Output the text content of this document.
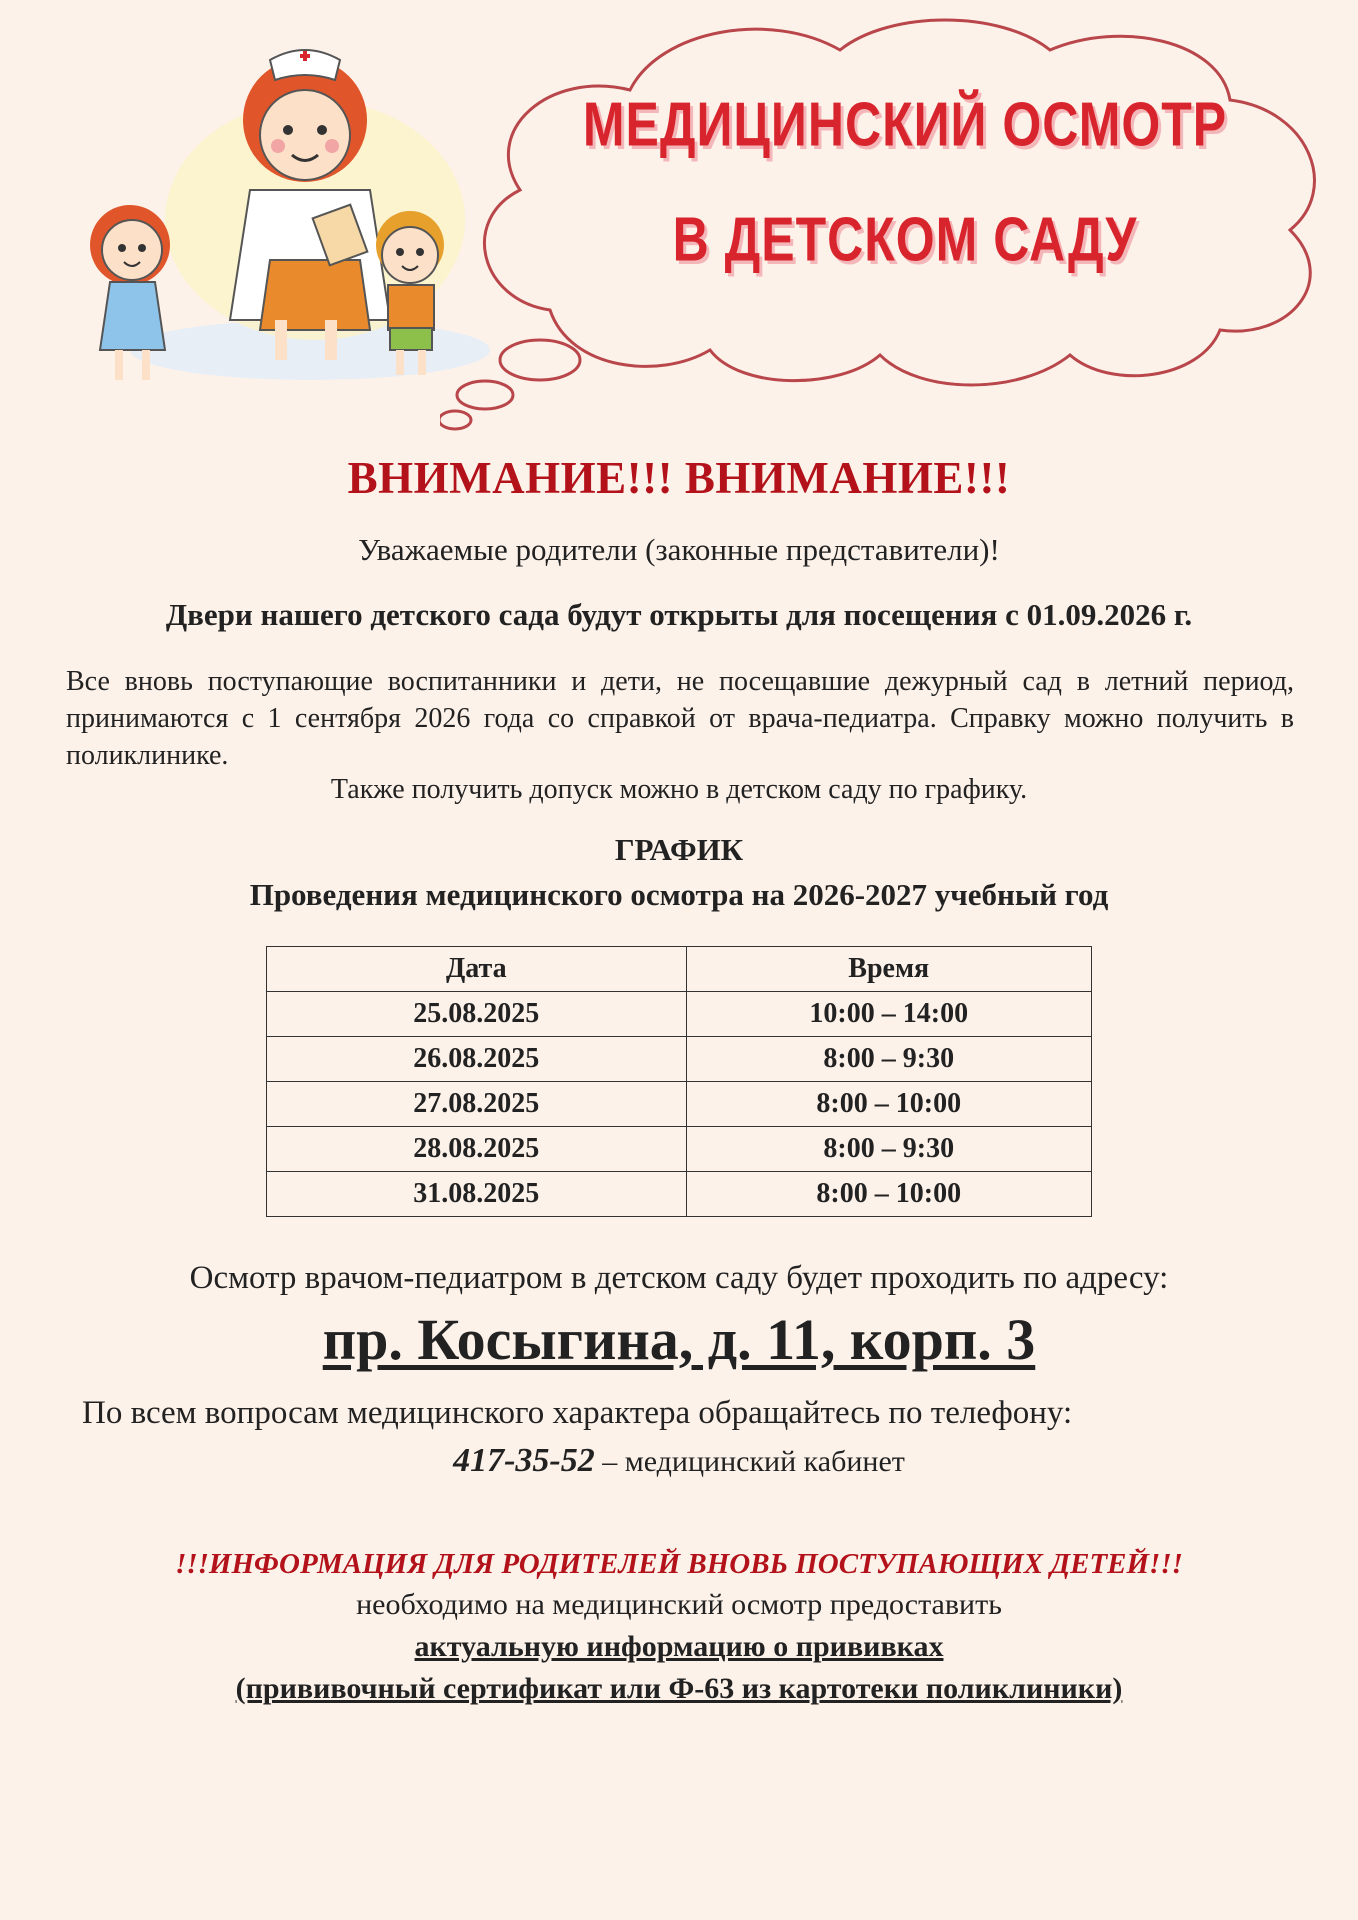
МЕДИЦИНСКИЙ ОСМОТР
В ДЕТСКОМ САДУ
ВНИМАНИЕ!!! ВНИМАНИЕ!!!
Уважаемые родители (законные представители)!
Двери нашего детского сада будут открыты для посещения с 01.09.2026 г.
Все вновь поступающие воспитанники и дети, не посещавшие дежурный сад в летний период, принимаются с 1 сентября 2026 года со справкой от врача-педиатра. Справку можно получить в поликлинике.
Также получить допуск можно в детском саду по графику.
ГРАФИК
Проведения медицинского осмотра на 2026-2027 учебный год
Дата	Время
25.08.2025	10:00 – 14:00
26.08.2025	8:00 – 9:30
27.08.2025	8:00 – 10:00
28.08.2025	8:00 – 9:30
31.08.2025	8:00 – 10:00
Осмотр врачом-педиатром в детском саду будет проходить по адресу:
пр. Косыгина, д. 11, корп. 3
По всем вопросам медицинского характера обращайтесь по телефону:
417-35-52 – медицинский кабинет
!!!ИНФОРМАЦИЯ ДЛЯ РОДИТЕЛЕЙ ВНОВЬ ПОСТУПАЮЩИХ ДЕТЕЙ!!!
необходимо на медицинский осмотр предоставить
актуальную информацию о прививках
(прививочный сертификат или Ф-63 из картотеки поликлиники)
